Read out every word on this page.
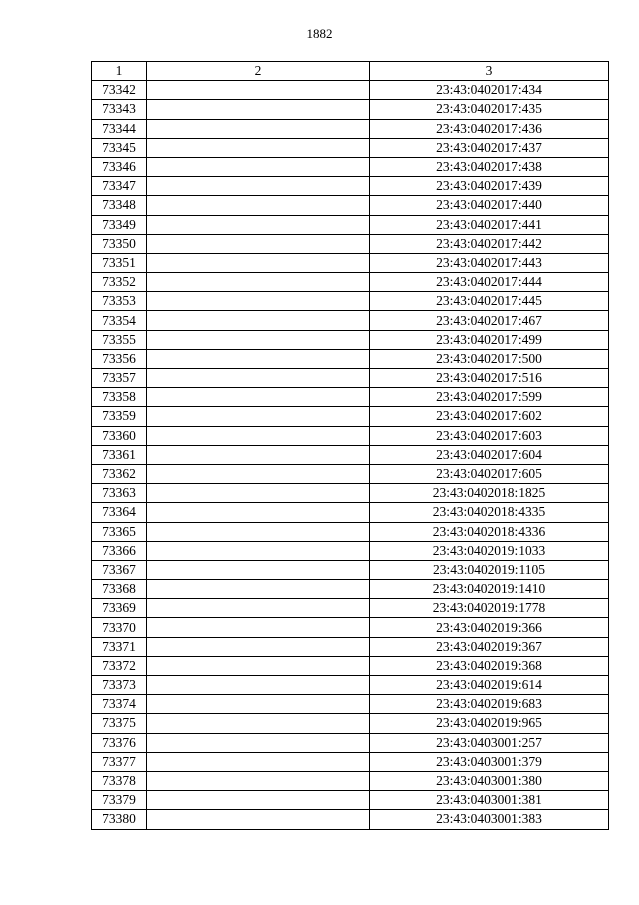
1882
1	2	3
73342		23:43:0402017:434
73343		23:43:0402017:435
73344		23:43:0402017:436
73345		23:43:0402017:437
73346		23:43:0402017:438
73347		23:43:0402017:439
73348		23:43:0402017:440
73349		23:43:0402017:441
73350		23:43:0402017:442
73351		23:43:0402017:443
73352		23:43:0402017:444
73353		23:43:0402017:445
73354		23:43:0402017:467
73355		23:43:0402017:499
73356		23:43:0402017:500
73357		23:43:0402017:516
73358		23:43:0402017:599
73359		23:43:0402017:602
73360		23:43:0402017:603
73361		23:43:0402017:604
73362		23:43:0402017:605
73363		23:43:0402018:1825
73364		23:43:0402018:4335
73365		23:43:0402018:4336
73366		23:43:0402019:1033
73367		23:43:0402019:1105
73368		23:43:0402019:1410
73369		23:43:0402019:1778
73370		23:43:0402019:366
73371		23:43:0402019:367
73372		23:43:0402019:368
73373		23:43:0402019:614
73374		23:43:0402019:683
73375		23:43:0402019:965
73376		23:43:0403001:257
73377		23:43:0403001:379
73378		23:43:0403001:380
73379		23:43:0403001:381
73380		23:43:0403001:383
